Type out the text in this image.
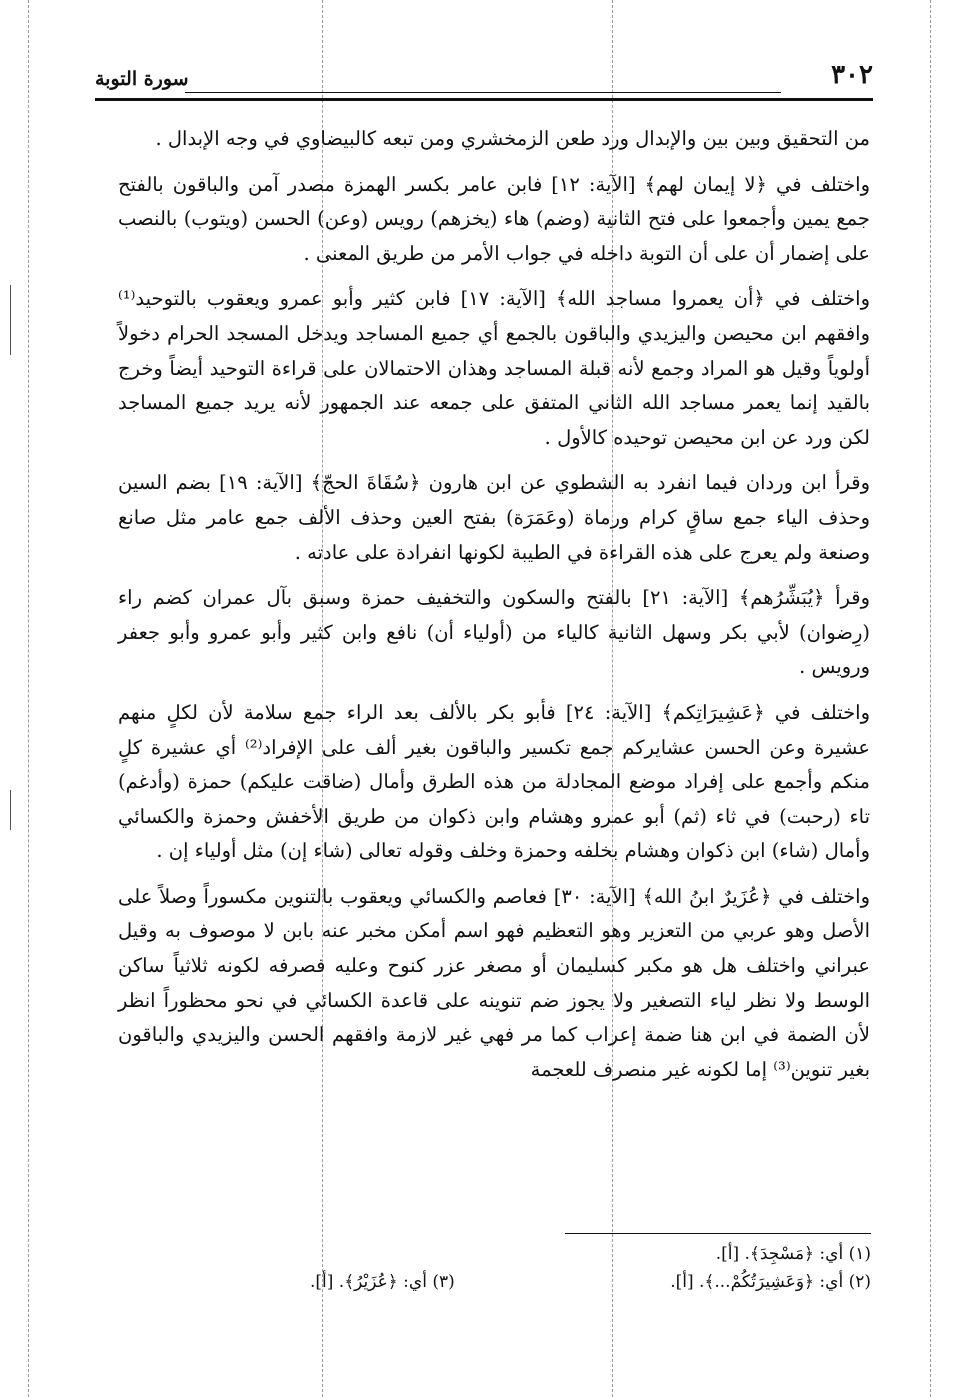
٣٠٢
سورة التوبة

من التحقيق وبين بين والإبدال ورد طعن الزمخشري ومن تبعه كالبيضاوي في وجه الإبدال .

واختلف في ﴿لا إيمان لهم﴾ [الآية: ١٢] فابن عامر بكسر الهمزة مصدر آمن والباقون بالفتح جمع يمين وأجمعوا على فتح الثانية (وضم) هاء (يخزهم) رويس (وعن) الحسن (ويتوب) بالنصب على إضمار أن على أن التوبة داخله في جواب الأمر من طريق المعنى .

واختلف في ﴿أن يعمروا مساجد الله﴾ [الآية: ١٧] فابن كثير وأبو عمرو ويعقوب بالتوحيد⁽¹⁾ وافقهم ابن محيصن واليزيدي والباقون بالجمع أي جميع المساجد ويدخل المسجد الحرام دخولاً أولوياً وقيل هو المراد وجمع لأنه قبلة المساجد وهذان الاحتمالان على قراءة التوحيد أيضاً وخرج بالقيد إنما يعمر مساجد الله الثاني المتفق على جمعه عند الجمهور لأنه يريد جميع المساجد لكن ورد عن ابن محيصن توحيده كالأول .

وقرأ ابن وردان فيما انفرد به الشطوي عن ابن هارون ﴿سُقَاةَ الحجّ﴾ [الآية: ١٩] بضم السين وحذف الياء جمع ساقٍ كرام ورماة (وعَمَرَة) بفتح العين وحذف الألف جمع عامر مثل صانع وصنعة ولم يعرج على هذه القراءة في الطيبة لكونها انفرادة على عادته .

وقرأ ﴿يُبَشِّرُهم﴾ [الآية: ٢١] بالفتح والسكون والتخفيف حمزة وسبق بآل عمران كضم راء (رِضوان) لأبي بكر وسهل الثانية كالياء من (أولياء أن) نافع وابن كثير وأبو عمرو وأبو جعفر ورويس .

واختلف في ﴿عَشِيرَاتِكم﴾ [الآية: ٢٤] فأبو بكر بالألف بعد الراء جمع سلامة لأن لكلٍ منهم عشيرة وعن الحسن عشايركم جمع تكسير والباقون بغير ألف على الإفراد⁽²⁾ أي عشيرة كلٍ منكم وأجمع على إفراد موضع المجادلة من هذه الطرق وأمال (ضاقت عليكم) حمزة (وأدغم) تاء (رحبت) في ثاء (ثم) أبو عمرو وهشام وابن ذكوان من طريق الأخفش وحمزة والكسائي وأمال (شاء) ابن ذكوان وهشام بخلفه وحمزة وخلف وقوله تعالى (شاء إن) مثل أولياء إن .

واختلف في ﴿عُزَيرٌ ابنُ الله﴾ [الآية: ٣٠] فعاصم والكسائي ويعقوب بالتنوين مكسوراً وصلاً على الأصل وهو عربي من التعزير وهو التعظيم فهو اسم أمكن مخبر عنه بابن لا موصوف به وقيل عبراني واختلف هل هو مكبر كسليمان أو مصغر عزر كنوح وعليه فصرفه لكونه ثلاثياً ساكن الوسط ولا نظر لياء التصغير ولا يجوز ضم تنوينه على قاعدة الكسائي في نحو محظوراً انظر لأن الضمة في ابن هنا ضمة إعراب كما مر فهي غير لازمة وافقهم الحسن واليزيدي والباقون بغير تنوين⁽³⁾ إما لكونه غير منصرف للعجمة

(١) أي: ﴿مَسْجِدَ﴾. [أ].
(٢) أي: ﴿وَعَشِيرَتُكُمْ...﴾. [أ].
(٣) أي: ﴿عُزَيْرُ﴾. [أ].
